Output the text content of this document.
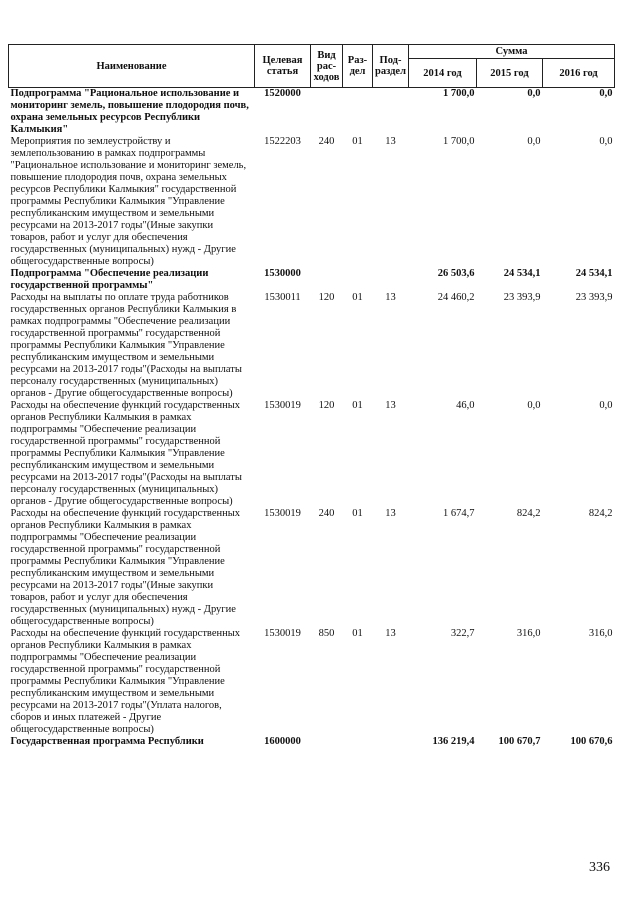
Наименование	Целевая статья	Вид рас-ходов	Раз-дел	Под-раздел	Сумма		
					2014 год	2015 год	2016 год
Подпрограмма "Рациональное использование и мониторинг земель, повышение плодородия почв, охрана земельных ресурсов Республики Калмыкия"	1520000				1 700,0	0,0	0,0
Мероприятия по землеустройству и землепользованию в рамках подпрограммы "Рациональное использование и мониторинг земель, повышение плодородия почв, охрана земельных ресурсов Республики Калмыкия" государственной программы Республики Калмыкия "Управление республиканским имуществом и земельными ресурсами на 2013-2017 годы"(Иные закупки товаров, работ и услуг для обеспечения государственных (муниципальных) нужд - Другие общегосударственные вопросы)	1522203	240	01	13	1 700,0	0,0	0,0
Подпрограмма "Обеспечение реализации государственной программы"	1530000				26 503,6	24 534,1	24 534,1
Расходы на выплаты по оплате труда работников государственных органов Республики Калмыкия в рамках подпрограммы "Обеспечение реализации государственной программы" государственной программы Республики Калмыкия "Управление республиканским имуществом и земельными ресурсами на 2013-2017 годы"(Расходы на выплаты персоналу государственных (муниципальных) органов - Другие общегосударственные вопросы)	1530011	120	01	13	24 460,2	23 393,9	23 393,9
Расходы на обеспечение функций государственных органов Республики Калмыкия в рамках подпрограммы "Обеспечение реализации государственной программы" государственной программы Республики Калмыкия "Управление республиканским имуществом и земельными ресурсами на 2013-2017 годы"(Расходы на выплаты персоналу государственных (муниципальных) органов - Другие общегосударственные вопросы)	1530019	120	01	13	46,0	0,0	0,0
Расходы на обеспечение функций государственных органов Республики Калмыкия в рамках подпрограммы "Обеспечение реализации государственной программы" государственной программы Республики Калмыкия "Управление республиканским имуществом и земельными ресурсами на 2013-2017 годы"(Иные закупки товаров, работ и услуг для обеспечения государственных (муниципальных) нужд - Другие общегосударственные вопросы)	1530019	240	01	13	1 674,7	824,2	824,2
Расходы на обеспечение функций государственных органов Республики Калмыкия в рамках подпрограммы "Обеспечение реализации государственной программы" государственной программы Республики Калмыкия "Управление республиканским имуществом и земельными ресурсами на 2013-2017 годы"(Уплата налогов, сборов и иных платежей - Другие общегосударственные вопросы)	1530019	850	01	13	322,7	316,0	316,0
Государственная программа Республики	1600000				136 219,4	100 670,7	100 670,6
336
